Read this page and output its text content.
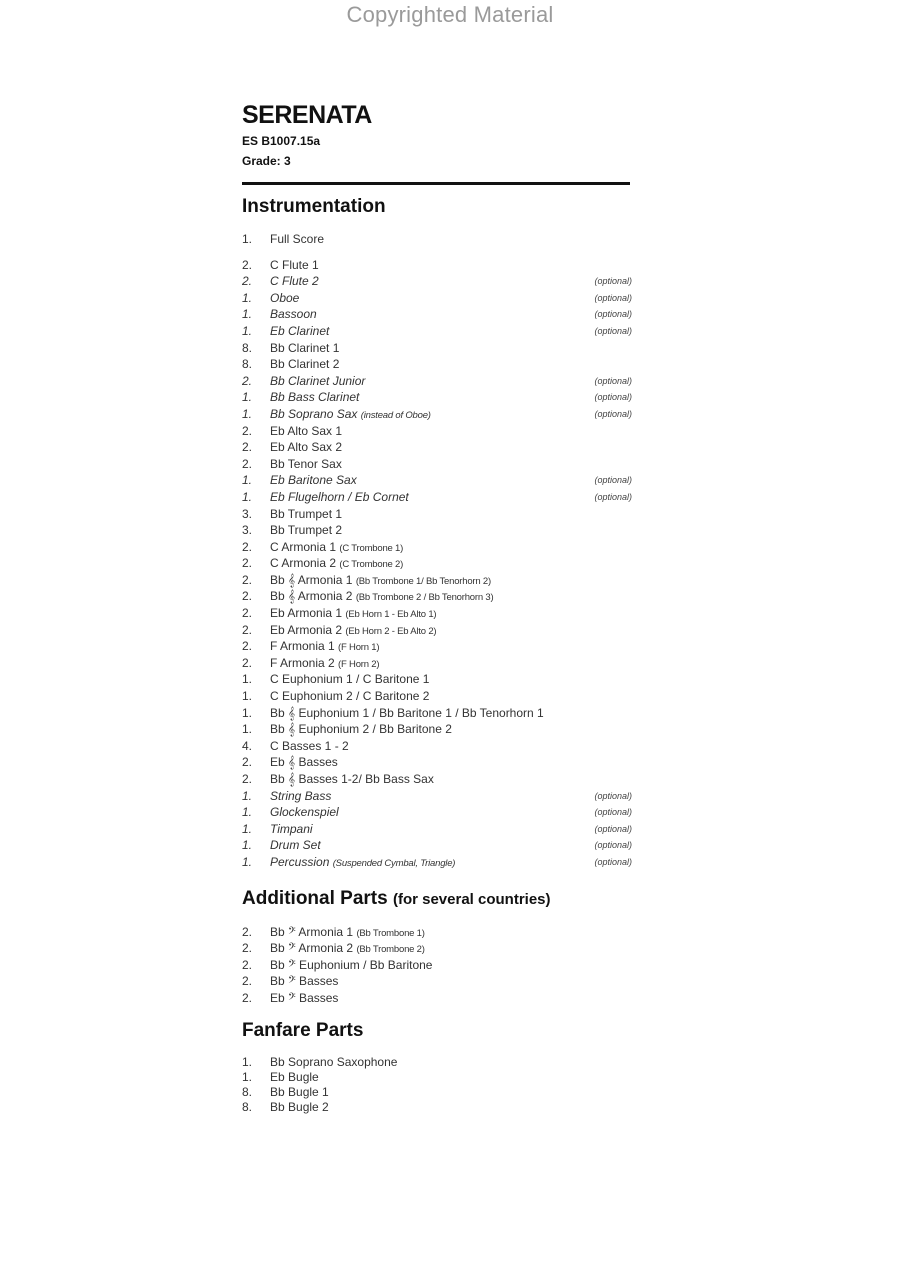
Copyrighted Material
SERENATA
ES B1007.15a
Grade: 3
Instrumentation
1.	Full Score
2.	C Flute 1
2.	C Flute 2	(optional)
1.	Oboe	(optional)
1.	Bassoon	(optional)
1.	Eb Clarinet	(optional)
8.	Bb Clarinet 1
8.	Bb Clarinet 2
2.	Bb Clarinet Junior	(optional)
1.	Bb Bass Clarinet	(optional)
1.	Bb Soprano Sax (instead of Oboe)	(optional)
2.	Eb Alto Sax 1
2.	Eb Alto Sax 2
2.	Bb Tenor Sax
1.	Eb Baritone Sax	(optional)
1.	Eb Flugelhorn / Eb Cornet	(optional)
3.	Bb Trumpet 1
3.	Bb Trumpet 2
2.	C Armonia 1 (C Trombone 1)
2.	C Armonia 2 (C Trombone 2)
2.	Bb 𝄞 Armonia 1 (Bb Trombone 1/ Bb Tenorhorn 2)
2.	Bb 𝄞 Armonia 2 (Bb Trombone 2 / Bb Tenorhorn 3)
2.	Eb Armonia 1 (Eb Horn 1 - Eb Alto 1)
2.	Eb Armonia 2 (Eb Horn 2 - Eb Alto 2)
2.	F Armonia 1 (F Horn 1)
2.	F Armonia 2 (F Horn 2)
1.	C Euphonium 1 / C Baritone 1
1.	C Euphonium 2 / C Baritone 2
1.	Bb 𝄞 Euphonium 1 / Bb Baritone 1 / Bb Tenorhorn 1
1.	Bb 𝄞 Euphonium 2 / Bb Baritone 2
4.	C Basses 1 - 2
2.	Eb 𝄞 Basses
2.	Bb 𝄞 Basses 1-2/ Bb Bass Sax
1.	String Bass	(optional)
1.	Glockenspiel	(optional)
1.	Timpani	(optional)
1.	Drum Set	(optional)
1.	Percussion (Suspended Cymbal, Triangle)	(optional)
Additional Parts (for several countries)
2.	Bb 𝄢 Armonia 1 (Bb Trombone 1)
2.	Bb 𝄢 Armonia 2 (Bb Trombone 2)
2.	Bb 𝄢 Euphonium / Bb Baritone
2.	Bb 𝄢 Basses
2.	Eb 𝄢 Basses
Fanfare Parts
1.	Bb Soprano Saxophone
1.	Eb Bugle
8.	Bb Bugle 1
8.	Bb Bugle 2
